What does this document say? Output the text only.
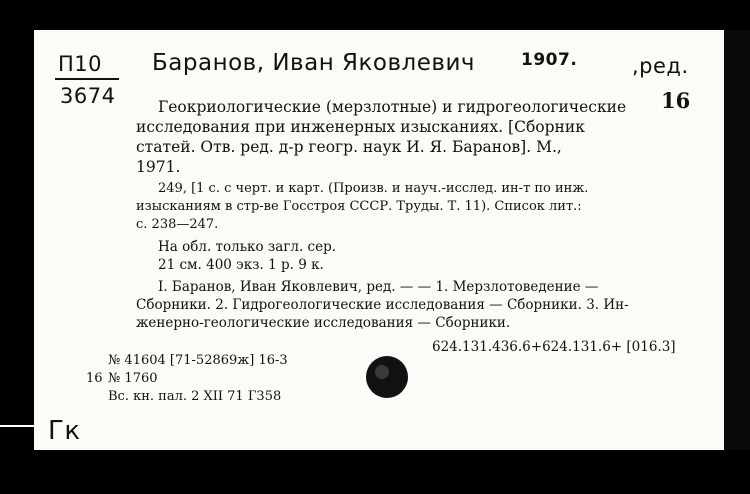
П10
3674
Баранов, Иван Яковлевич	1907.	,ред.
16
Геокриологические (мерзлотные) и гидрогеологические
исследования при инженерных изысканиях. [Сборник
статей. Отв. ред. д-р геогр. наук И. Я. Баранов]. М.,
1971.
249, [1 с. с черт. и карт. (Произв. и науч.-исслед. ин-т по инж.
изысканиям в стр-ве Госстроя СССР. Труды. Т. 11). Список лит.:
с. 238—247.
На обл. только загл. сер.
21 см. 400 экз. 1 р. 9 к.
I. Баранов, Иван Яковлевич, ред. — — 1. Мерзлотоведение —
Сборники. 2. Гидрогеологические исследования — Сборники. 3. Ин-
женерно-геологические исследования — Сборники.
624.131.436.6+624.131.6+ [016.3]
№ 41604 [71-52869ж] 16-3
16 № 1760
Вс. кн. пал. 2 XII 71 Г358
Гк
